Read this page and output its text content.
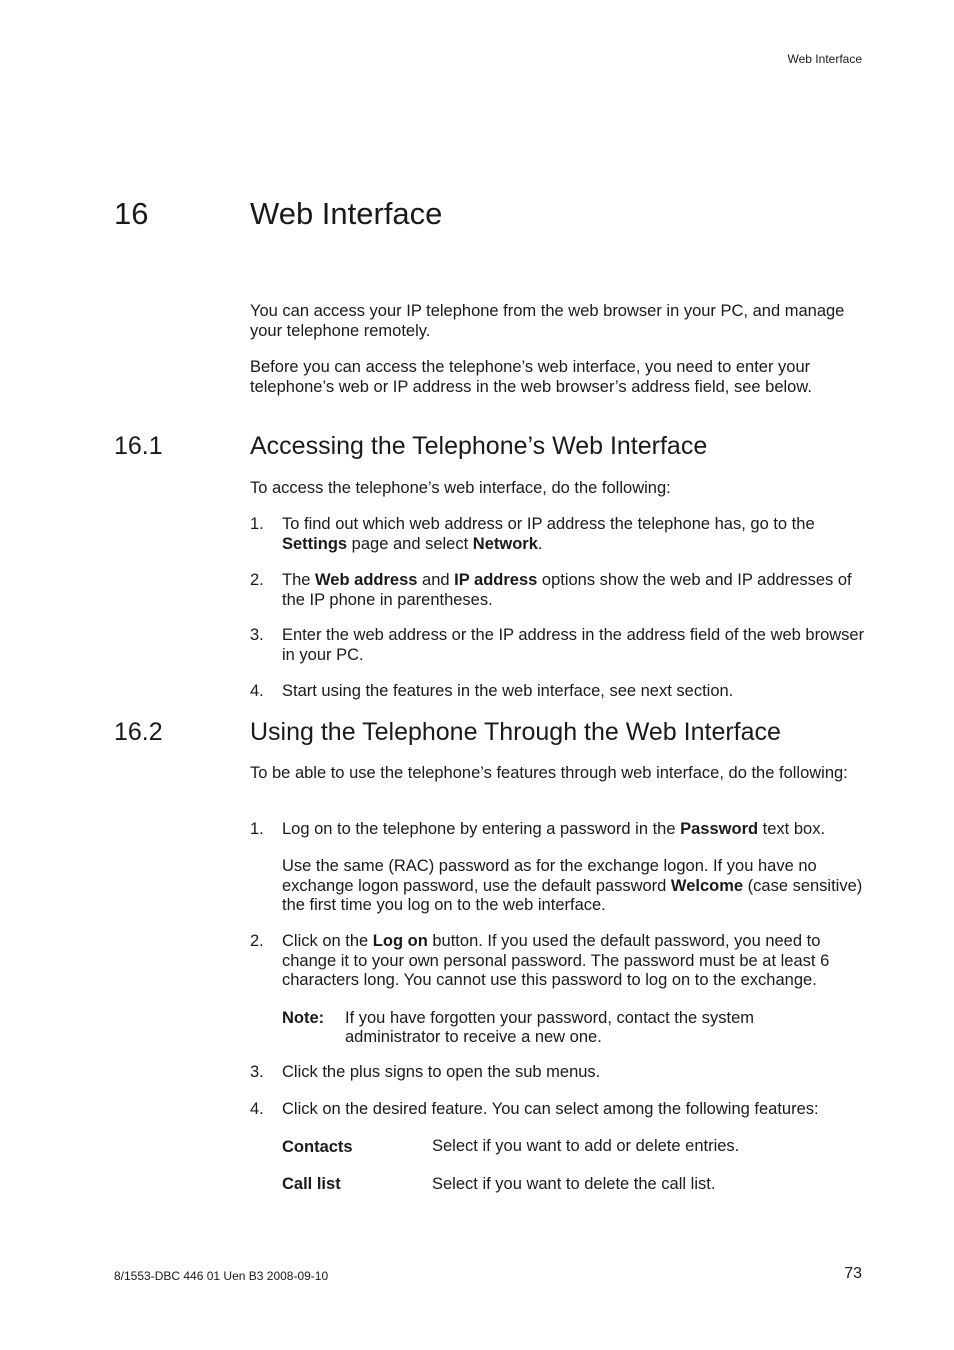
Web Interface
16	Web Interface
You can access your IP telephone from the web browser in your PC, and manage your telephone remotely.
Before you can access the telephone’s web interface, you need to enter your telephone’s web or IP address in the web browser’s address field, see below.
16.1	Accessing the Telephone’s Web Interface
To access the telephone’s web interface, do the following:
1. To find out which web address or IP address the telephone has, go to the Settings page and select Network.
2. The Web address and IP address options show the web and IP addresses of the IP phone in parentheses.
3. Enter the web address or the IP address in the address field of the web browser in your PC.
4. Start using the features in the web interface, see next section.
16.2	Using the Telephone Through the Web Interface
To be able to use the telephone’s features through web interface, do the following:
1. Log on to the telephone by entering a password in the Password text box.
Use the same (RAC) password as for the exchange logon. If you have no exchange logon password, use the default password Welcome (case sensitive) the first time you log on to the web interface.
2. Click on the Log on button. If you used the default password, you need to change it to your own personal password. The password must be at least 6 characters long. You cannot use this password to log on to the exchange.
Note: If you have forgotten your password, contact the system
administrator to receive a new one.
3. Click the plus signs to open the sub menus.
4. Click on the desired feature. You can select among the following features:
Contacts	Select if you want to add or delete entries.
Call list	Select if you want to delete the call list.
8/1553-DBC 446 01 Uen B3 2008-09-10	73
